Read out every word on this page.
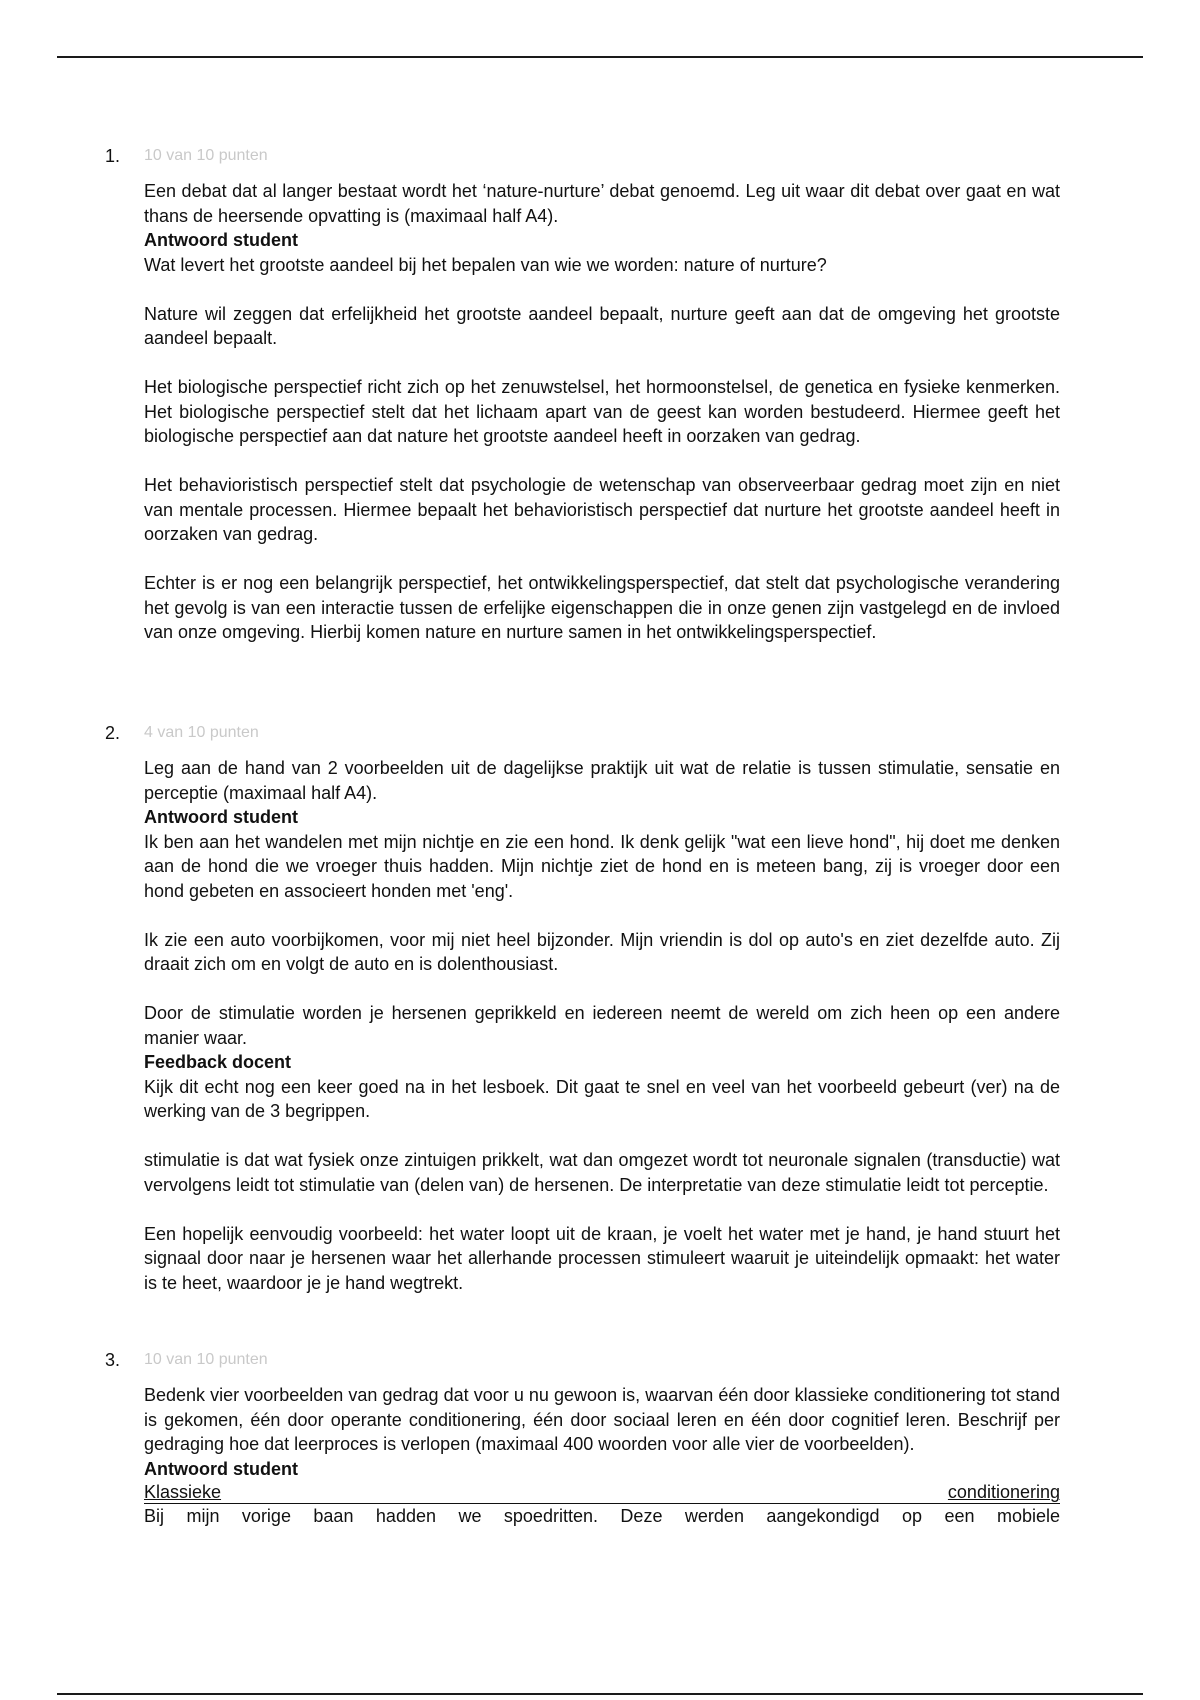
1. 10 van 10 punten

Een debat dat al langer bestaat wordt het ‘nature-nurture’ debat genoemd. Leg uit waar dit debat over gaat en wat thans de heersende opvatting is (maximaal half A4).

Antwoord student

Wat levert het grootste aandeel bij het bepalen van wie we worden: nature of nurture?

Nature wil zeggen dat erfelijkheid het grootste aandeel bepaalt, nurture geeft aan dat de omgeving het grootste aandeel bepaalt.

Het biologische perspectief richt zich op het zenuwstelsel, het hormoonstelsel, de genetica en fysieke kenmerken. Het biologische perspectief stelt dat het lichaam apart van de geest kan worden bestudeerd. Hiermee geeft het biologische perspectief aan dat nature het grootste aandeel heeft in oorzaken van gedrag.

Het behavioristisch perspectief stelt dat psychologie de wetenschap van observeerbaar gedrag moet zijn en niet van mentale processen. Hiermee bepaalt het behavioristisch perspectief dat nurture het grootste aandeel heeft in oorzaken van gedrag.

Echter is er nog een belangrijk perspectief, het ontwikkelingsperspectief, dat stelt dat psychologische verandering het gevolg is van een interactie tussen de erfelijke eigenschappen die in onze genen zijn vastgelegd en de invloed van onze omgeving. Hierbij komen nature en nurture samen in het ontwikkelingsperspectief.

2. 4 van 10 punten

Leg aan de hand van 2 voorbeelden uit de dagelijkse praktijk uit wat de relatie is tussen stimulatie, sensatie en perceptie (maximaal half A4).

Antwoord student

Ik ben aan het wandelen met mijn nichtje en zie een hond. Ik denk gelijk "wat een lieve hond", hij doet me denken aan de hond die we vroeger thuis hadden. Mijn nichtje ziet de hond en is meteen bang, zij is vroeger door een hond gebeten en associeert honden met 'eng'.

Ik zie een auto voorbijkomen, voor mij niet heel bijzonder. Mijn vriendin is dol op auto's en ziet dezelfde auto. Zij draait zich om en volgt de auto en is dolenthousiast.

Door de stimulatie worden je hersenen geprikkeld en iedereen neemt de wereld om zich heen op een andere manier waar.

Feedback docent

Kijk dit echt nog een keer goed na in het lesboek. Dit gaat te snel en veel van het voorbeeld gebeurt (ver) na de werking van de 3 begrippen.

stimulatie is dat wat fysiek onze zintuigen prikkelt, wat dan omgezet wordt tot neuronale signalen (transductie) wat vervolgens leidt tot stimulatie van (delen van) de hersenen. De interpretatie van deze stimulatie leidt tot perceptie.

Een hopelijk eenvoudig voorbeeld: het water loopt uit de kraan, je voelt het water met je hand, je hand stuurt het signaal door naar je hersenen waar het allerhande processen stimuleert waaruit je uiteindelijk opmaakt: het water is te heet, waardoor je je hand wegtrekt.

3. 10 van 10 punten

Bedenk vier voorbeelden van gedrag dat voor u nu gewoon is, waarvan één door klassieke conditionering tot stand is gekomen, één door operante conditionering, één door sociaal leren en één door cognitief leren. Beschrijf per gedraging hoe dat leerproces is verlopen (maximaal 400 woorden voor alle vier de voorbeelden).

Antwoord student

Klassieke	conditionering

Bij mijn vorige baan hadden we spoedritten. Deze werden aangekondigd op een mobiele
